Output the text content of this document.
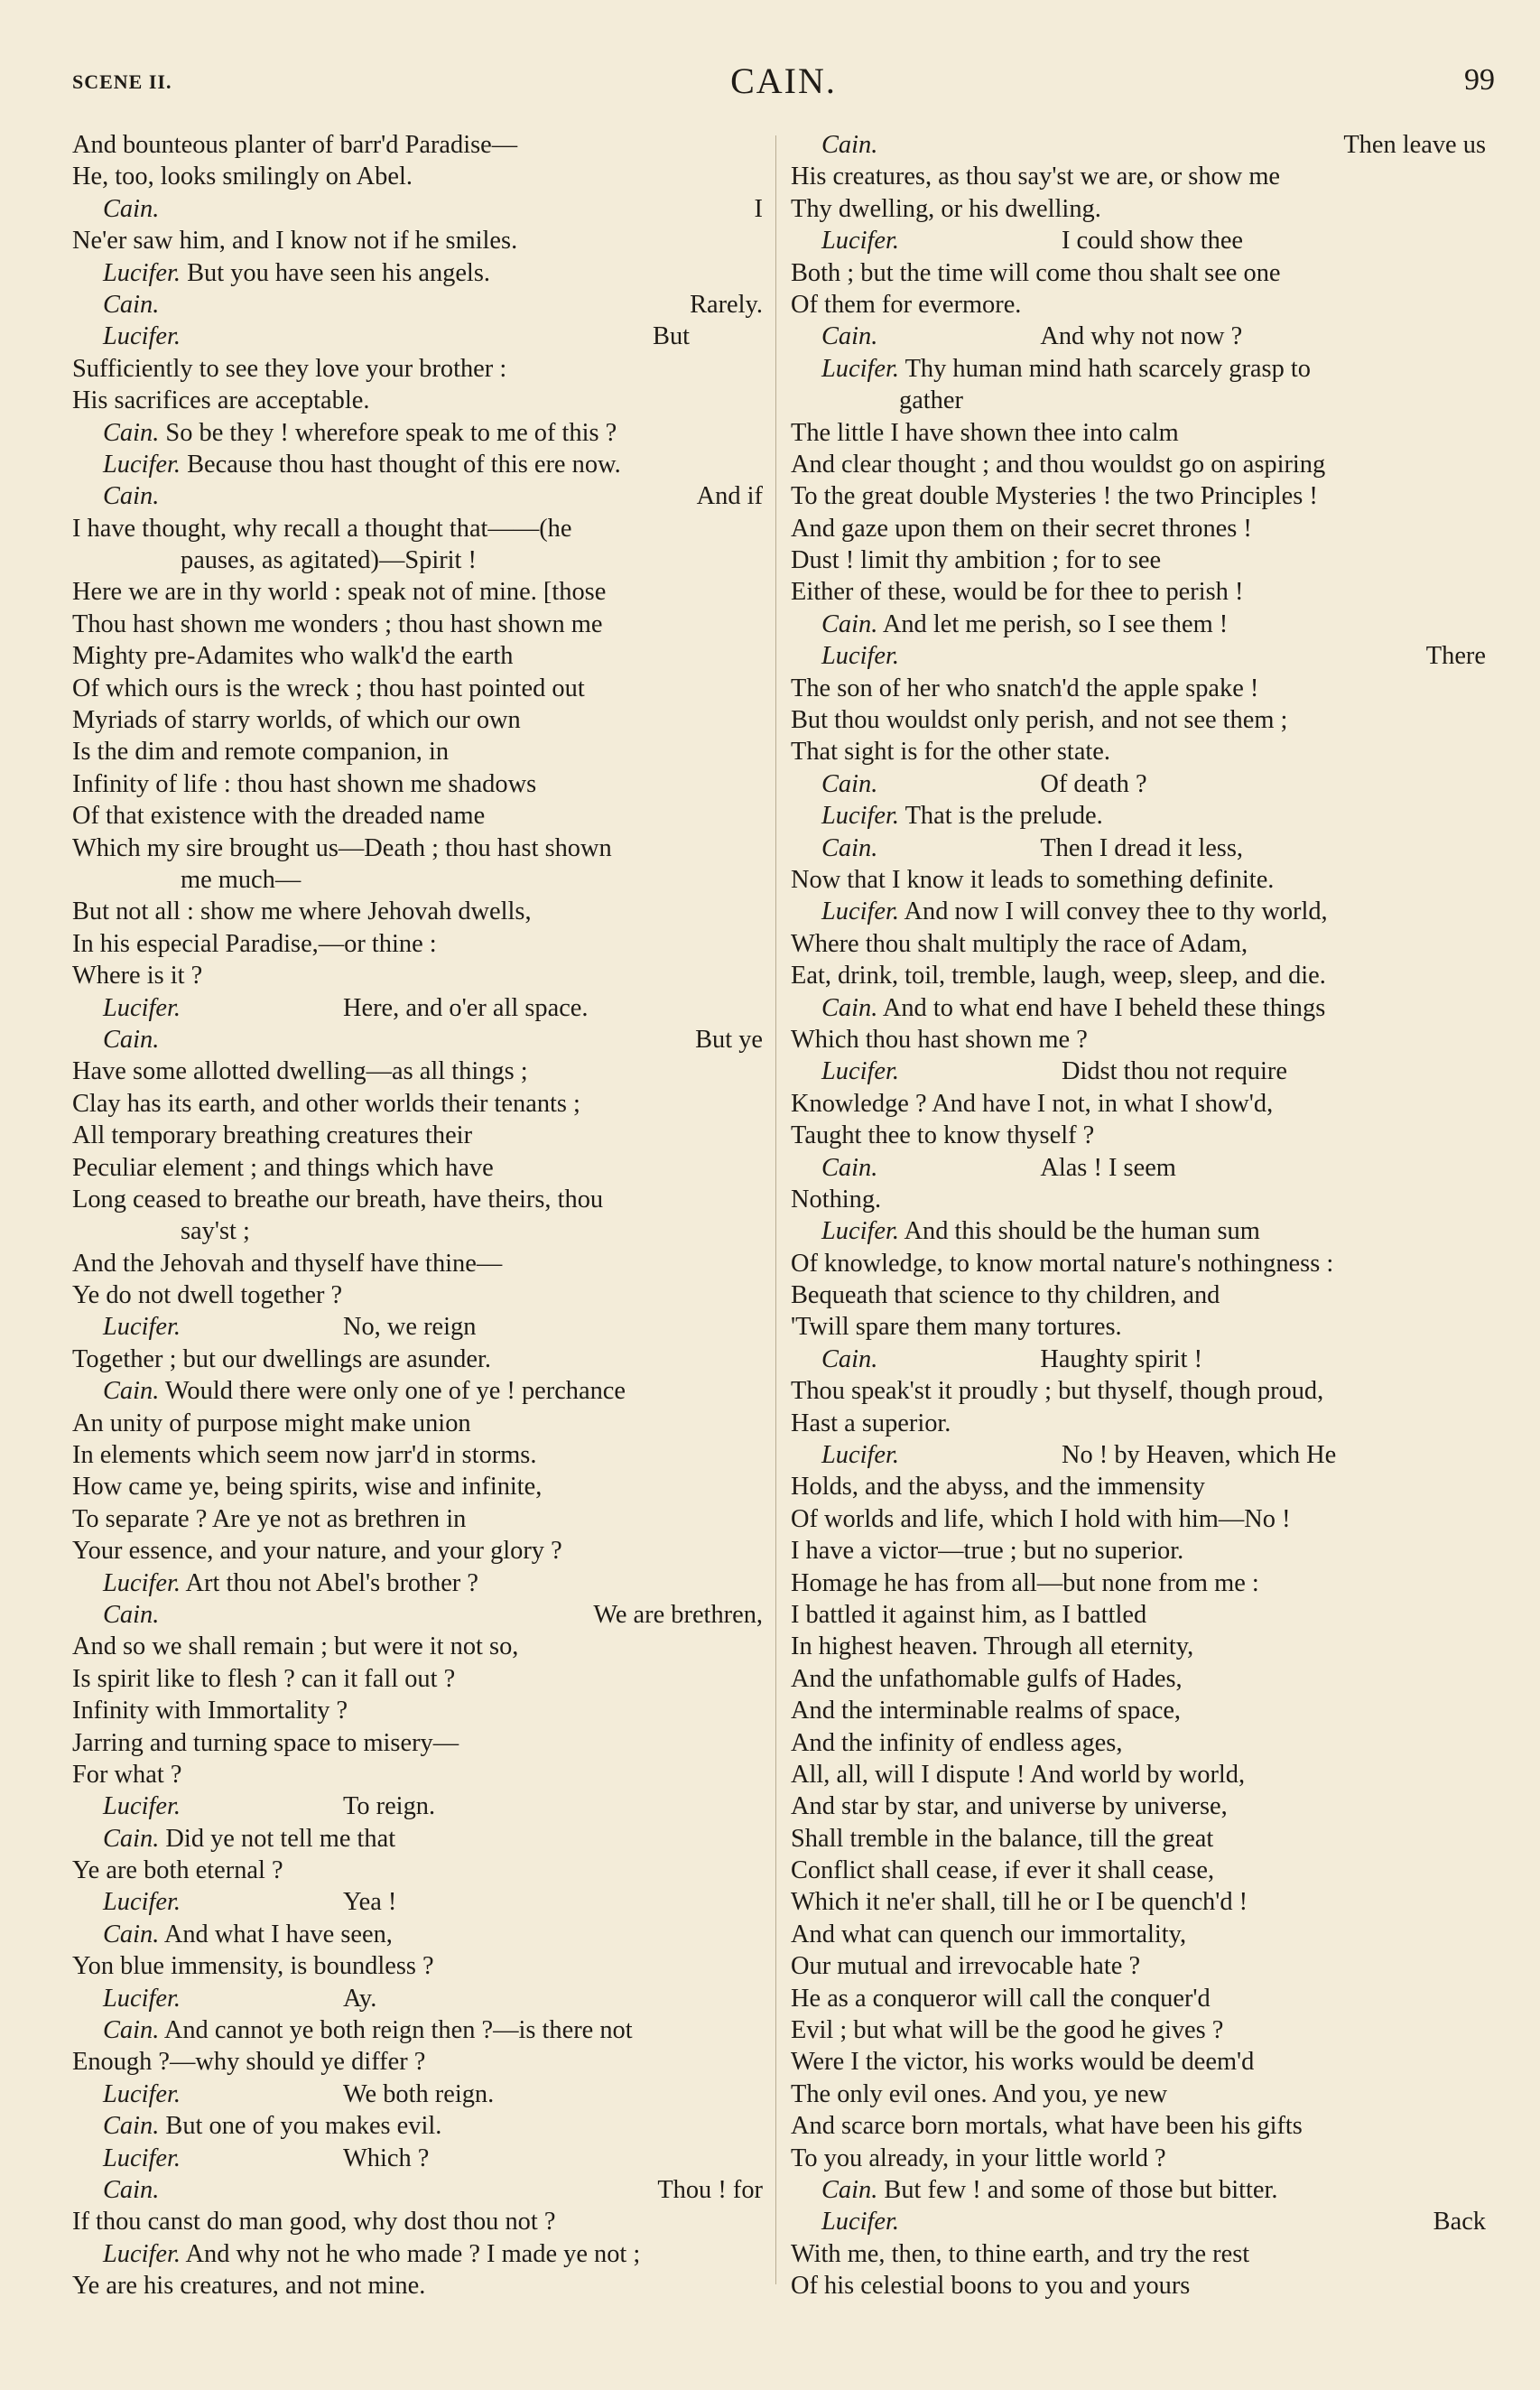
SCENE II.	CAIN.	99
And bounteous planter of barr'd Paradise—
He, too, looks smilingly on Abel.
Cain.	I
Ne'er saw him, and I know not if he smiles.
Lucifer. But you have seen his angels.
Cain.	Rarely.
Lucifer.	But
Sufficiently to see they love your brother :
His sacrifices are acceptable.
Cain. So be they ! wherefore speak to me of this ?
Lucifer. Because thou hast thought of this ere now.
Cain.	And if
I have thought, why recall a thought that——(he
pauses, as agitated)—Spirit !
Here we are in thy world : speak not of mine. [those
Thou hast shown me wonders ; thou hast shown me
Mighty pre-Adamites who walk'd the earth
Of which ours is the wreck ; thou hast pointed out
Myriads of starry worlds, of which our own
Is the dim and remote companion, in
Infinity of life : thou hast shown me shadows
Of that existence with the dreaded name
Which my sire brought us—Death ; thou hast shown
me much—
But not all : show me where Jehovah dwells,
In his especial Paradise,—or thine :
Where is it ?
Lucifer.	Here, and o'er all space.
Cain.	But ye
Have some allotted dwelling—as all things ;
Clay has its earth, and other worlds their tenants ;
All temporary breathing creatures their
Peculiar element ; and things which have
Long ceased to breathe our breath, have theirs, thou
say'st ;
And the Jehovah and thyself have thine—
Ye do not dwell together ?
Lucifer.	No, we reign
Together ; but our dwellings are asunder.
Cain. Would there were only one of ye ! perchance
An unity of purpose might make union
In elements which seem now jarr'd in storms.
How came ye, being spirits, wise and infinite,
To separate ? Are ye not as brethren in
Your essence, and your nature, and your glory ?
Lucifer. Art thou not Abel's brother ?
Cain.	We are brethren,
And so we shall remain ; but were it not so,
Is spirit like to flesh ? can it fall out ?
Infinity with Immortality ?
Jarring and turning space to misery—
For what ?
Lucifer.	To reign.
Cain. Did ye not tell me that
Ye are both eternal ?
Lucifer.	Yea !
Cain. And what I have seen,
Yon blue immensity, is boundless ?
Lucifer.	Ay.
Cain. And cannot ye both reign then ?—is there not
Enough ?—why should ye differ ?
Lucifer.	We both reign.
Cain. But one of you makes evil.
Lucifer.	Which ?
Cain.	Thou ! for
If thou canst do man good, why dost thou not ?
Lucifer. And why not he who made ? I made ye not ;
Ye are his creatures, and not mine.
Cain.	Then leave us
His creatures, as thou say'st we are, or show me
Thy dwelling, or his dwelling.
Lucifer.	I could show thee
Both ; but the time will come thou shalt see one
Of them for evermore.
Cain.	And why not now ?
Lucifer. Thy human mind hath scarcely grasp to
gather
The little I have shown thee into calm
And clear thought ; and thou wouldst go on aspiring
To the great double Mysteries ! the two Principles !
And gaze upon them on their secret thrones !
Dust ! limit thy ambition ; for to see
Either of these, would be for thee to perish !
Cain. And let me perish, so I see them !
Lucifer.	There
The son of her who snatch'd the apple spake !
But thou wouldst only perish, and not see them ;
That sight is for the other state.
Cain.	Of death ?
Lucifer. That is the prelude.
Cain.	Then I dread it less,
Now that I know it leads to something definite.
Lucifer. And now I will convey thee to thy world,
Where thou shalt multiply the race of Adam,
Eat, drink, toil, tremble, laugh, weep, sleep, and die.
Cain. And to what end have I beheld these things
Which thou hast shown me ?
Lucifer.	Didst thou not require
Knowledge ? And have I not, in what I show'd,
Taught thee to know thyself ?
Cain.	Alas ! I seem
Nothing.
Lucifer. And this should be the human sum
Of knowledge, to know mortal nature's nothingness :
Bequeath that science to thy children, and
'Twill spare them many tortures.
Cain.	Haughty spirit !
Thou speak'st it proudly ; but thyself, though proud,
Hast a superior.
Lucifer.	No ! by Heaven, which He
Holds, and the abyss, and the immensity
Of worlds and life, which I hold with him—No !
I have a victor—true ; but no superior.
Homage he has from all—but none from me :
I battled it against him, as I battled
In highest heaven. Through all eternity,
And the unfathomable gulfs of Hades,
And the interminable realms of space,
And the infinity of endless ages,
All, all, will I dispute ! And world by world,
And star by star, and universe by universe,
Shall tremble in the balance, till the great
Conflict shall cease, if ever it shall cease,
Which it ne'er shall, till he or I be quench'd !
And what can quench our immortality,
Our mutual and irrevocable hate ?
He as a conqueror will call the conquer'd
Evil ; but what will be the good he gives ?
Were I the victor, his works would be deem'd
The only evil ones. And you, ye new
And scarce born mortals, what have been his gifts
To you already, in your little world ?
Cain. But few ! and some of those but bitter.
Lucifer.	Back
With me, then, to thine earth, and try the rest
Of his celestial boons to you and yours
